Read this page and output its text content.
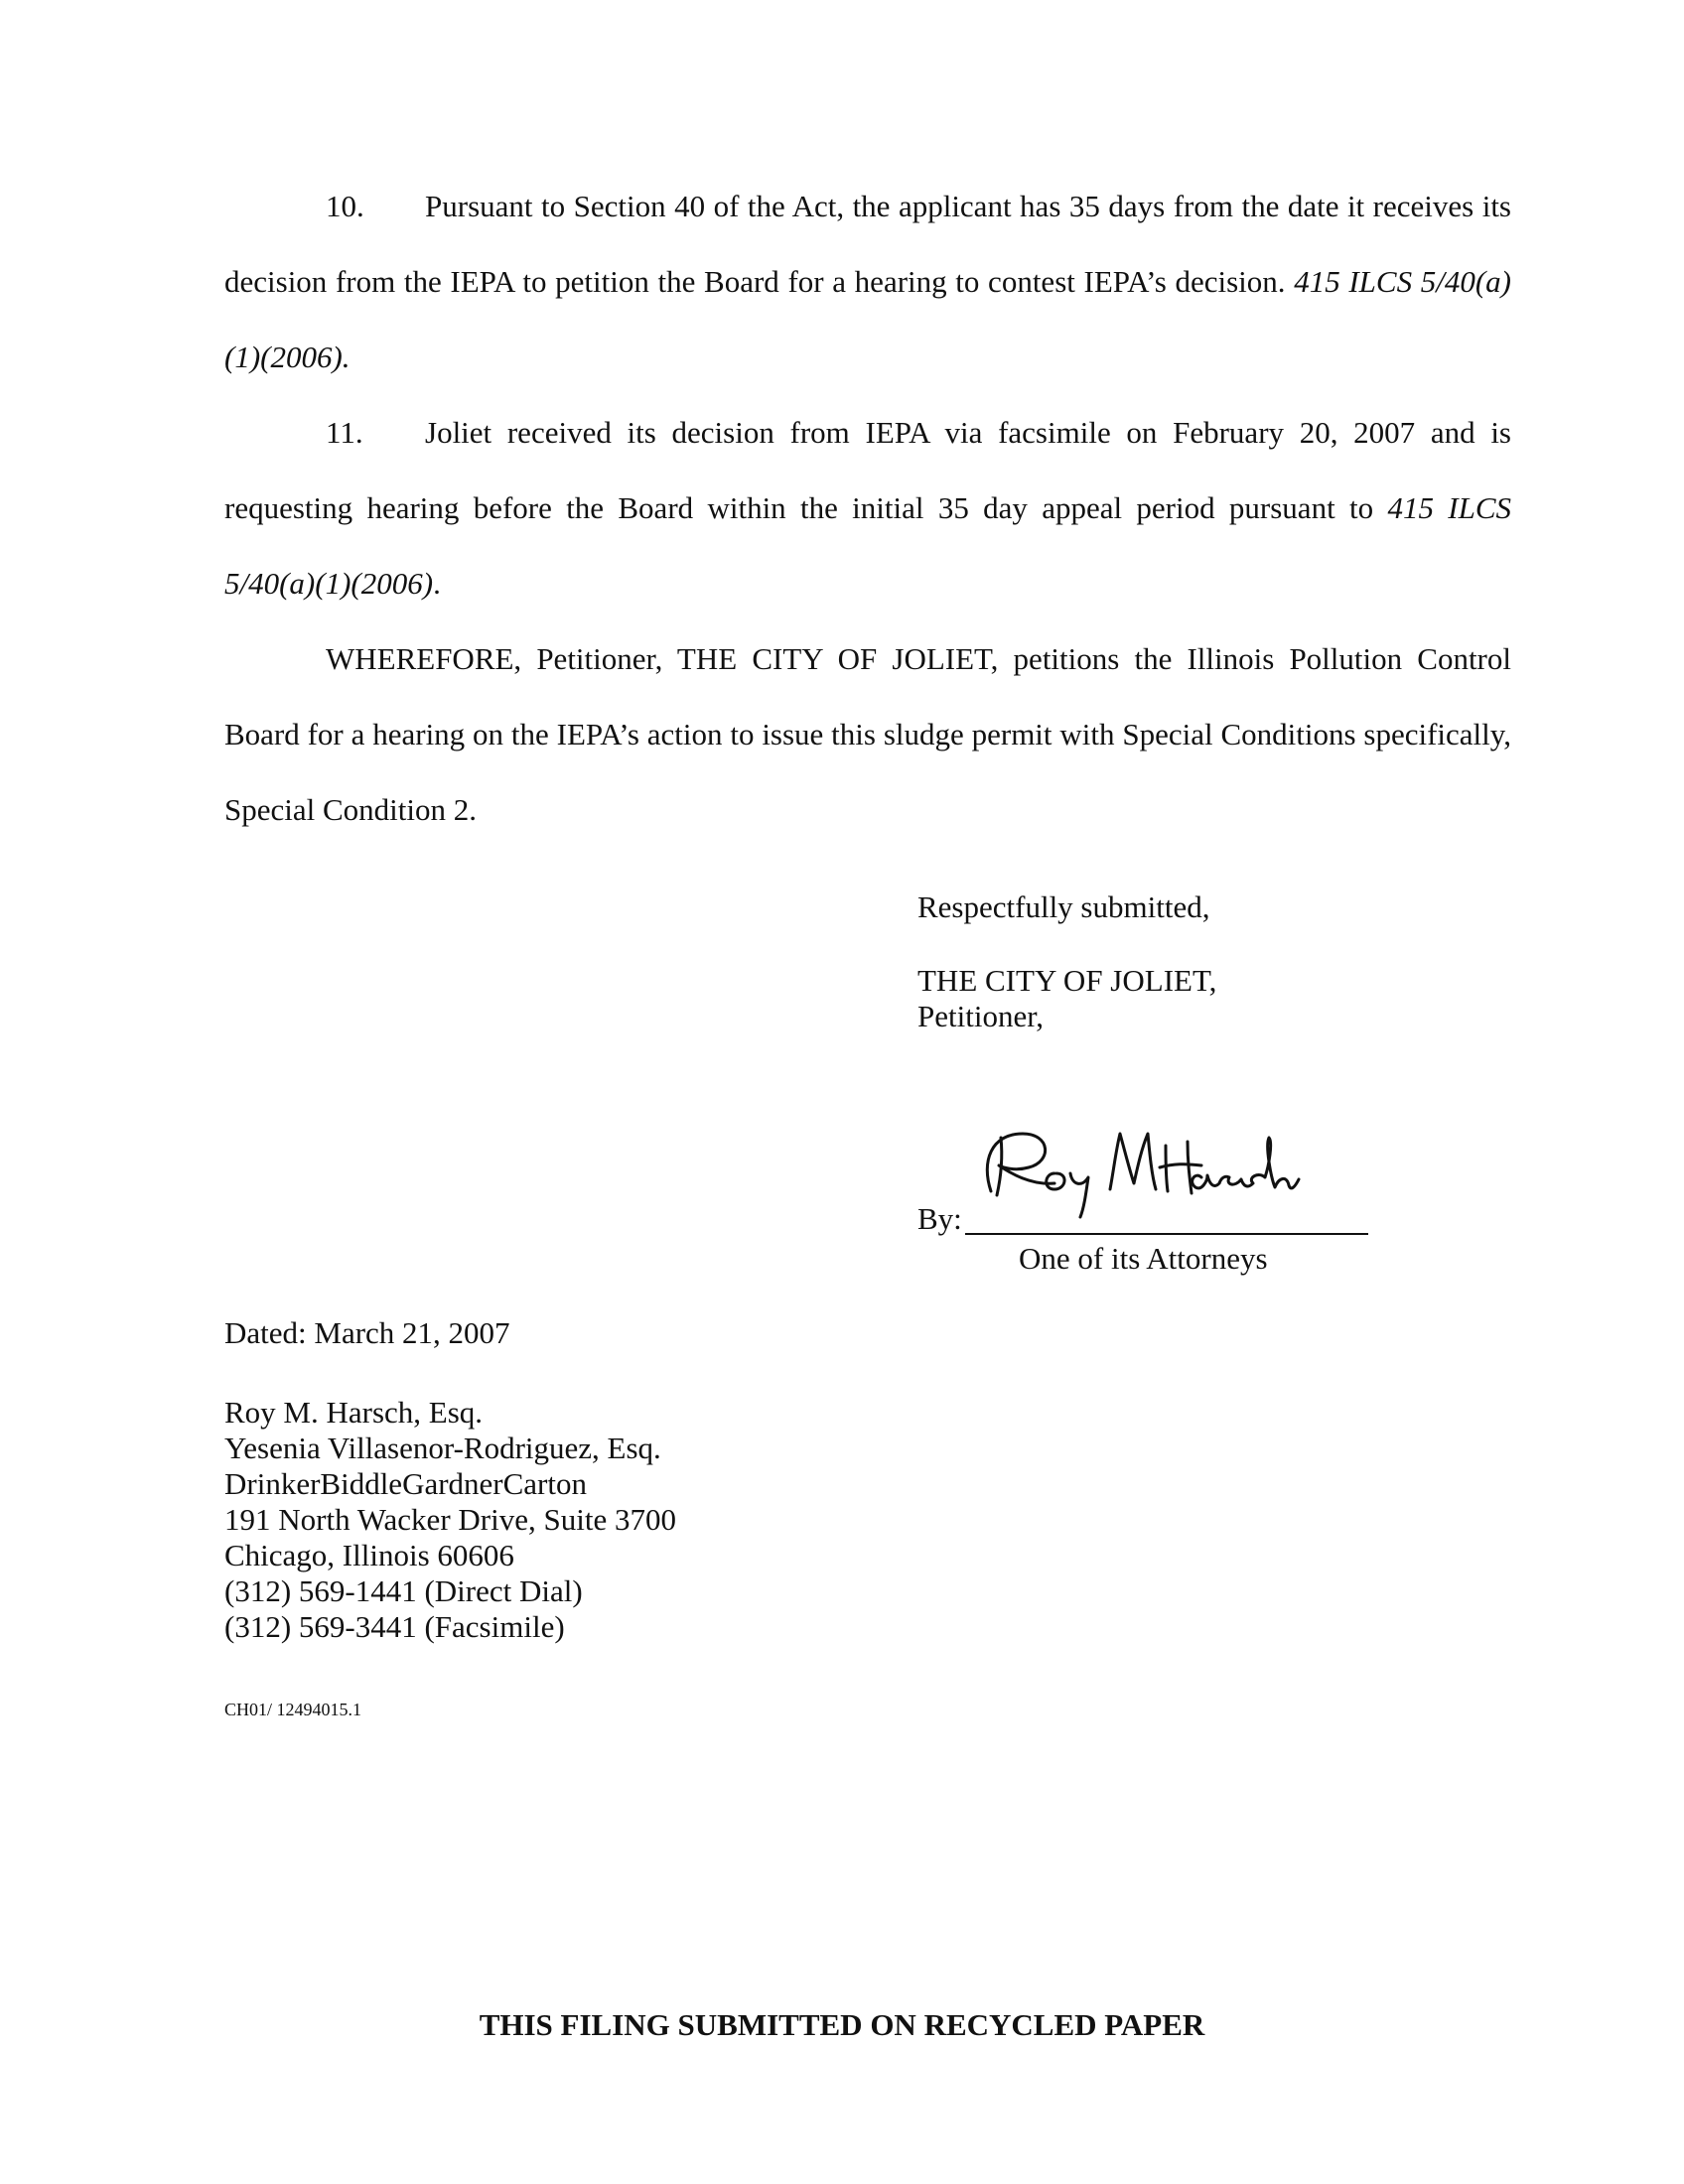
10. Pursuant to Section 40 of the Act, the applicant has 35 days from the date it receives its decision from the IEPA to petition the Board for a hearing to contest IEPA’s decision. 415 ILCS 5/40(a)(1)(2006).

11. Joliet received its decision from IEPA via facsimile on February 20, 2007 and is requesting hearing before the Board within the initial 35 day appeal period pursuant to 415 ILCS 5/40(a)(1)(2006).

WHEREFORE, Petitioner, THE CITY OF JOLIET, petitions the Illinois Pollution Control Board for a hearing on the IEPA’s action to issue this sludge permit with Special Conditions specifically, Special Condition 2.

Respectfully submitted,
THE CITY OF JOLIET,
Petitioner,
By:
One of its Attorneys
Dated: March 21, 2007
Roy M. Harsch, Esq.
Yesenia Villasenor-Rodriguez, Esq.
DrinkerBiddleGardnerCarton
191 North Wacker Drive, Suite 3700
Chicago, Illinois 60606
(312) 569-1441 (Direct Dial)
(312) 569-3441 (Facsimile)
CH01/ 12494015.1
THIS FILING SUBMITTED ON RECYCLED PAPER
